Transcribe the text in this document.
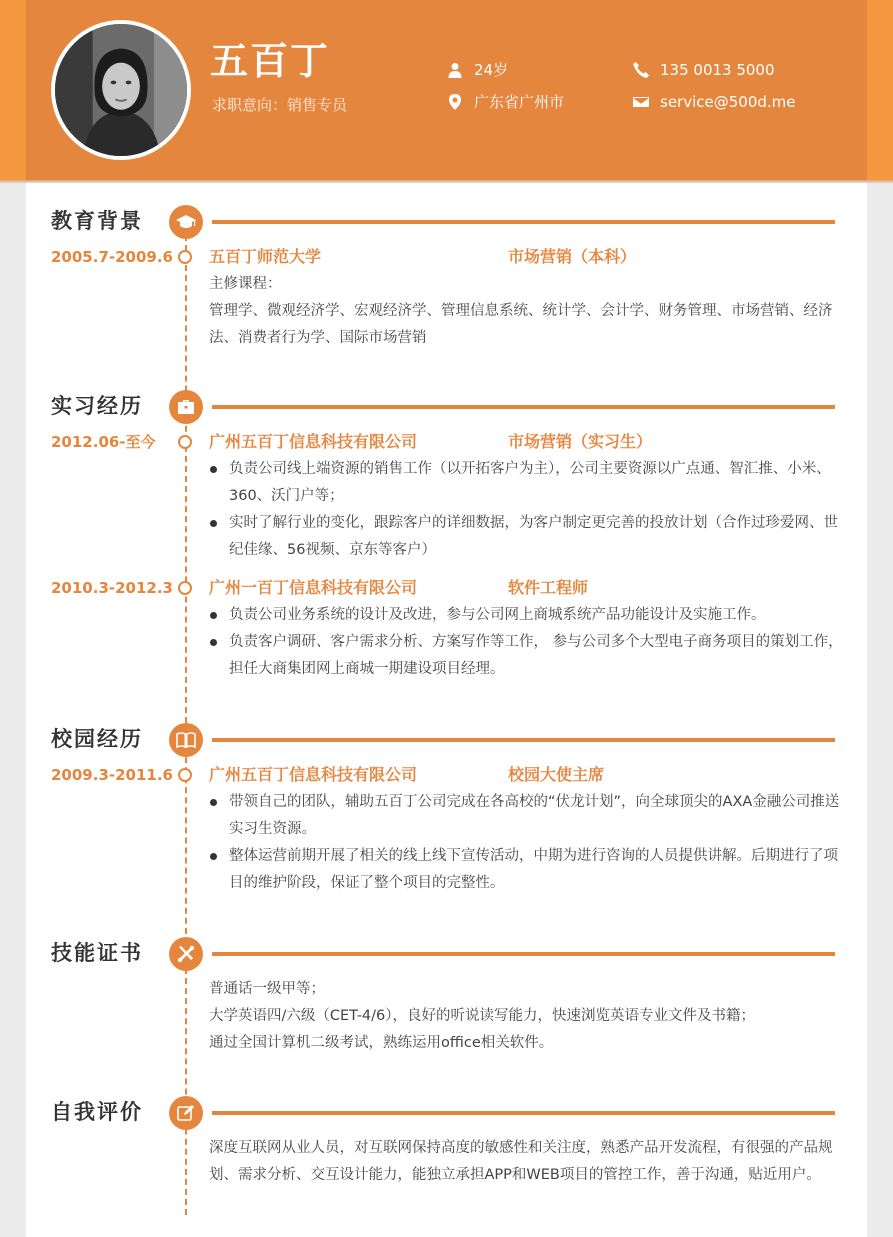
五百丁
求职意向：销售专员
24岁
广东省广州市
135 0013 5000
service@500d.me
教育背景
2005.7-2009.6 五百丁师范大学	市场营销（本科）
主修课程：
管理学、微观经济学、宏观经济学、管理信息系统、统计学、会计学、财务管理、市场营销、经济法、消费者行为学、国际市场营销
实习经历
2012.06-至今	广州五百丁信息科技有限公司	市场营销（实习生）
负责公司线上端资源的销售工作（以开拓客户为主），公司主要资源以广点通、智汇推、小米、360、沃门户等；
实时了解行业的变化，跟踪客户的详细数据，为客户制定更完善的投放计划（合作过珍爱网、世纪佳缘、56视频、京东等客户）
2010.3-2012.3 广州一百丁信息科技有限公司	软件工程师
负责公司业务系统的设计及改进，参与公司网上商城系统产品功能设计及实施工作。
负责客户调研、客户需求分析、方案写作等工作， 参与公司多个大型电子商务项目的策划工作，担任大商集团网上商城一期建设项目经理。
校园经历
2009.3-2011.6 广州五百丁信息科技有限公司	校园大使主席
带领自己的团队，辅助五百丁公司完成在各高校的“伏龙计划”，向全球顶尖的AXA金融公司推送实习生资源。
整体运营前期开展了相关的线上线下宣传活动，中期为进行咨询的人员提供讲解。后期进行了项目的维护阶段，保证了整个项目的完整性。
技能证书
普通话一级甲等；
大学英语四/六级（CET-4/6），良好的听说读写能力，快速浏览英语专业文件及书籍；
通过全国计算机二级考试，熟练运用office相关软件。
自我评价
深度互联网从业人员，对互联网保持高度的敏感性和关注度，熟悉产品开发流程，有很强的产品规划、需求分析、交互设计能力，能独立承担APP和WEB项目的管控工作，善于沟通，贴近用户。
